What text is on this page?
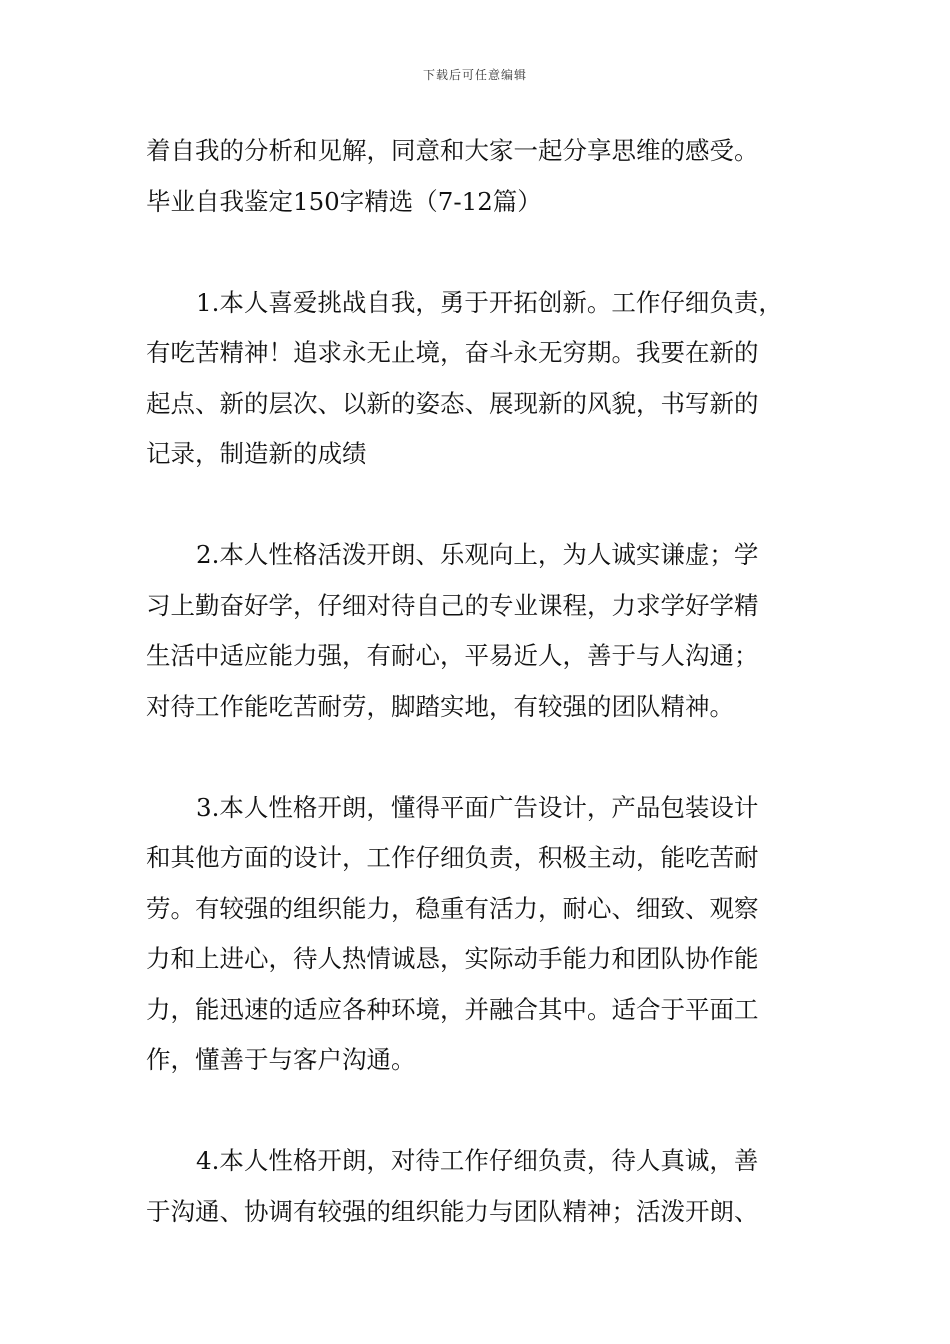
下载后可任意编辑
着自我的分析和见解，同意和大家一起分享思维的感受。
毕业自我鉴定150字精选（7-12篇）
1.本人喜爱挑战自我，勇于开拓创新。工作仔细负责，
有吃苦精神！追求永无止境，奋斗永无穷期。我要在新的
起点、新的层次、以新的姿态、展现新的风貌，书写新的
记录，制造新的成绩
2.本人性格活泼开朗、乐观向上，为人诚实谦虚；学
习上勤奋好学，仔细对待自己的专业课程，力求学好学精
生活中适应能力强，有耐心，平易近人，善于与人沟通；
对待工作能吃苦耐劳，脚踏实地，有较强的团队精神。
3.本人性格开朗，懂得平面广告设计，产品包装设计
和其他方面的设计，工作仔细负责，积极主动，能吃苦耐
劳。有较强的组织能力，稳重有活力，耐心、细致、观察
力和上进心，待人热情诚恳，实际动手能力和团队协作能
力，能迅速的适应各种环境，并融合其中。适合于平面工
作，懂善于与客户沟通。
4.本人性格开朗，对待工作仔细负责，待人真诚，善
于沟通、协调有较强的组织能力与团队精神；活泼开朗、
